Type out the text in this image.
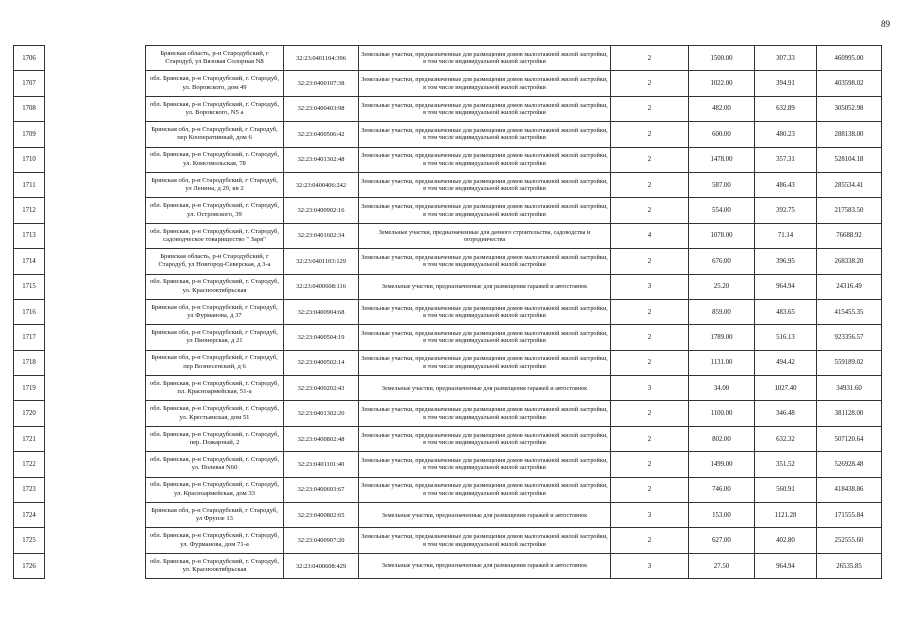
89
1706		Брянская область, р-н Стародубский, г Стародуб, ул Вязовая Солорная N8	32:23:0401104:396	Земельные участки, предназначенные для размещения домов малоэтажной жилой застройки, в том числе индивидуальной жилой застройки	2	1500.00	307.33	460995.00
1707		обл. Брянская, р-н Стародубский, г. Стародуб, ул. Воровского, дом 49	32:23:0400107:38	Земельные участки, предназначенные для размещения домов малоэтажной жилой застройки, в том числе индивидуальной жилой застройки	2	1022.00	394.91	403598.02
1708		обл. Брянская, р-н Стародубский, г. Стародуб, ул. Воровского, N5 а	32:23:0400403:98	Земельные участки, предназначенные для размещения домов малоэтажной жилой застройки, в том числе индивидуальной жилой застройки	2	482.00	632.89	305052.98
1709		Брянская обл, р-н Стародубский, г Стародуб, пер Кооперативный, дом 6	32:23:0400506:42	Земельные участки, предназначенные для размещения домов малоэтажной жилой застройки, в том числе индивидуальной жилой застройки	2	600.00	480.23	288138.00
1710		обл. Брянская, р-н Стародубский, г. Стародуб, ул. Комсомольская, 78	32:23:0401302:48	Земельные участки, предназначенные для размещения домов малоэтажной жилой застройки, в том числе индивидуальной жилой застройки	2	1478.00	357.31	528104.18
1711		Брянская обл, р-н Стародубский, г Стародуб, ул Ленина, д 29, кв 2	32:23:0400406:242	Земельные участки, предназначенные для размещения домов малоэтажной жилой застройки, в том числе индивидуальной жилой застройки	2	587.00	486.43	285534.41
1712		обл. Брянская, р-н Стародубский, г. Стародуб, ул. Островского, 39	32:23:0400902:16	Земельные участки, предназначенные для размещения домов малоэтажной жилой застройки, в том числе индивидуальной жилой застройки	2	554.00	392.75	217583.50
1713		обл. Брянская, р-н Стародубский, г. Стародуб, садоводческое товарищество " Заря"	32:23:0401602:34	Земельные участки, предназначенные для дачного строительства, садоводства и огородничества	4	1078.00	71.14	76688.92
1714		Брянская область, р-н Стародубский, г Стародуб, ул Новгород-Северская, д 3-а	32:23:0401103:129	Земельные участки, предназначенные для размещения домов малоэтажной жилой застройки, в том числе индивидуальной жилой застройки	2	676.00	396.95	268338.20
1715		обл. Брянская, р-н Стародубский, г. Стародуб, ул. Краснооктябрьская	32:23:0400608:116	Земельные участки, предназначенные для размещения гаражей и автостоянок	3	25.20	964.94	24316.49
1716		Брянская обл, р-н Стародубский, г Стародуб, ул Фурманова, д 37	32:23:0400904:68	Земельные участки, предназначенные для размещения домов малоэтажной жилой застройки, в том числе индивидуальной жилой застройки	2	859.00	483.65	415455.35
1717		Брянская обл, р-н Стародубский, г Стародуб, ул Пионерская, д 21	32:23:0400504:19	Земельные участки, предназначенные для размещения домов малоэтажной жилой застройки, в том числе индивидуальной жилой застройки	2	1789.00	516.13	923356.57
1718		Брянская обл, р-н Стародубский, г Стародуб, пер Вознесенский, д 6	32:23:0400502:14	Земельные участки, предназначенные для размещения домов малоэтажной жилой застройки, в том числе индивидуальной жилой застройки	2	1131.00	494.42	559189.02
1719		обл. Брянская, р-н Стародубский, г. Стародуб, пл. Красноармейская, 51-а	32:23:0400202:43	Земельные участки, предназначенные для размещения гаражей и автостоянок	3	34.00	1027.40	34931.60
1720		обл. Брянская, р-н Стародубский, г. Стародуб, ул. Крестьянская, дом 51	32:23:0401302:20	Земельные участки, предназначенные для размещения домов малоэтажной жилой застройки, в том числе индивидуальной жилой застройки	2	1100.00	346.48	381128.00
1721		обл. Брянская, р-н Стародубский, г. Стародуб, пер. Пожарный, 2	32:23:0400802:48	Земельные участки, предназначенные для размещения домов малоэтажной жилой застройки, в том числе индивидуальной жилой застройки	2	802.00	632.32	507120.64
1722		обл. Брянская, р-н Стародубский, г. Стародуб, ул. Полевая N60	32:23:0401101:40	Земельные участки, предназначенные для размещения домов малоэтажной жилой застройки, в том числе индивидуальной жилой застройки	2	1499.00	351.52	526928.48
1723		обл. Брянская, р-н Стародубский, г. Стародуб, ул. Красноармейская, дом 33	32:23:0400603:67	Земельные участки, предназначенные для размещения домов малоэтажной жилой застройки, в том числе индивидуальной жилой застройки	2	746.00	560.91	418438.86
1724		Брянская обл, р-н Стародубский, г Стародуб, ул Фрунзе 13	32:23:0400802:65	Земельные участки, предназначенные для размещения гаражей и автостоянок	3	153.00	1121.28	171555.84
1725		обл. Брянская, р-н Стародубский, г. Стародуб, ул. Фурманова, дом 71-а	32:23:0400907:20	Земельные участки, предназначенные для размещения домов малоэтажной жилой застройки, в том числе индивидуальной жилой застройки	2	627.00	402.80	252555.60
1726		обл. Брянская, р-н Стародубский, г. Стародуб, ул. Краснооктябрьская	32:23:0400608:429	Земельные участки, предназначенные для размещения гаражей и автостоянок	3	27.50	964.94	26535.85
